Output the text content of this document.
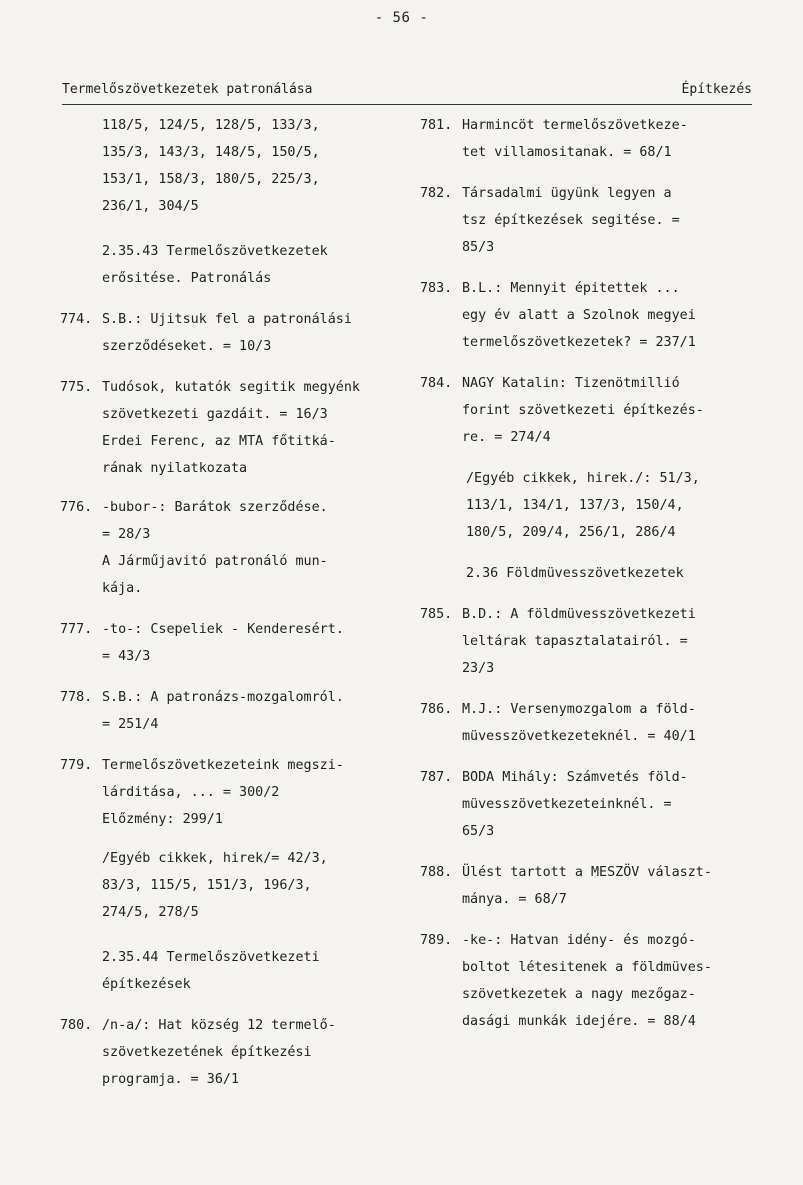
- 56 -
Termelőszövetkezetek patronálása	Építkezés
118/5, 124/5, 128/5, 133/3,
135/3, 143/3, 148/5, 150/5,
153/1, 158/3, 180/5, 225/3,
236/1, 304/5
2.35.43 Termelőszövetkezetek
erősitése. Patronálás
774. S.B.: Ujitsuk fel a patronálási
szerződéseket. = 10/3
775. Tudósok, kutatók segitik megyénk
szövetkezeti gazdáit. = 16/3
Erdei Ferenc, az MTA főtitká-
rának nyilatkozata
776. -bubor-: Barátok szerződése.
= 28/3
A Járműjavitó patronáló mun-
kája.
777. -to-: Csepeliek - Kenderesért.
= 43/3
778. S.B.: A patronázs-mozgalomról.
= 251/4
779. Termelőszövetkezeteink megszi-
lárditása, ... = 300/2
Előzmény: 299/1
/Egyéb cikkek, hirek/= 42/3,
83/3, 115/5, 151/3, 196/3,
274/5, 278/5
2.35.44 Termelőszövetkezeti
építkezések
780. /n-a/: Hat község 12 termelő-
szövetkezetének építkezési
programja. = 36/1
781. Harmincöt termelőszövetkeze-
tet villamositanak. = 68/1
782. Társadalmi ügyünk legyen a
tsz építkezések segitése. =
85/3
783. B.L.: Mennyit épitettek ...
egy év alatt a Szolnok megyei
termelőszövetkezetek? = 237/1
784. NAGY Katalin: Tizenötmillió
forint szövetkezeti építkezés-
re. = 274/4
/Egyéb cikkek, hirek./: 51/3,
113/1, 134/1, 137/3, 150/4,
180/5, 209/4, 256/1, 286/4
2.36 Földmüvesszövetkezetek
785. B.D.: A földmüvesszövetkezeti
leltárak tapasztalatairól. =
23/3
786. M.J.: Versenymozgalom a föld-
müvesszövetkezeteknél. = 40/1
787. BODA Mihály: Számvetés föld-
müvesszövetkezeteinknél. =
65/3
788. Ülést tartott a MESZÖV választ-
mánya. = 68/7
789. -ke-: Hatvan idény- és mozgó-
boltot létesitenek a földmüves-
szövetkezetek a nagy mezőgaz-
dasági munkák idejére. = 88/4
